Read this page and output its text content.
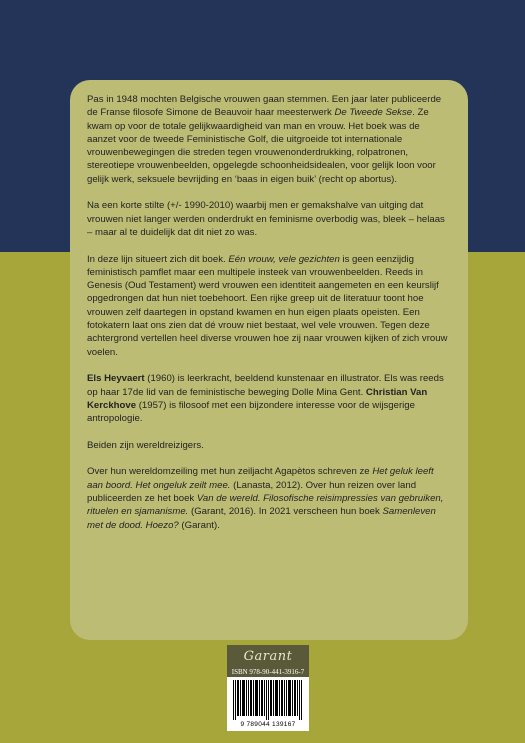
Pas in 1948 mochten Belgische vrouwen gaan stemmen. Een jaar later publiceerde de Franse filosofe Simone de Beauvoir haar meesterwerk De Tweede Sekse. Ze kwam op voor de totale gelijkwaardigheid van man en vrouw. Het boek was de aanzet voor de tweede Feministische Golf, die uitgroeide tot internationale vrouwenbewegingen die streden tegen vrouwenonderdrukking, rolpatronen, stereotiepe vrouwenbeelden, opgelegde schoonheidsidealen, voor gelijk loon voor gelijk werk, seksuele bevrijding en ‘baas in eigen buik’ (recht op abortus).

Na een korte stilte (+/- 1990-2010) waarbij men er gemakshalve van uitging dat vrouwen niet langer werden onderdrukt en feminisme overbodig was, bleek – helaas – maar al te duidelijk dat dit niet zo was.

In deze lijn situeert zich dit boek. Eén vrouw, vele gezichten is geen eenzijdig feministisch pamflet maar een multipele insteek van vrouwenbeelden. Reeds in Genesis (Oud Testament) werd vrouwen een identiteit aangemeten en een keurslijf opgedrongen dat hun niet toebehoort. Een rijke greep uit de literatuur toont hoe vrouwen zelf daartegen in opstand kwamen en hun eigen plaats opeisten. Een fotokatern laat ons zien dat dé vrouw niet bestaat, wel vele vrouwen. Tegen deze achtergrond vertellen heel diverse vrouwen hoe zij naar vrouwen kijken of zich vrouw voelen.

Els Heyvaert (1960) is leerkracht, beeldend kunstenaar en illustrator. Els was reeds op haar 17de lid van de feministische beweging Dolle Mina Gent. Christian Van Kerckhove (1957) is filosoof met een bijzondere interesse voor de wijsgerige antropologie.

Beiden zijn wereldreizigers.

Over hun wereldomzeiling met hun zeiljacht Agapètos schreven ze Het geluk leeft aan boord. Het ongeluk zeilt mee. (Lanasta, 2012). Over hun reizen over land publiceerden ze het boek Van de wereld. Filosofische reisimpressies van gebruiken, rituelen en sjamanisme. (Garant, 2016). In 2021 verscheen hun boek Samenleven met de dood. Hoezo? (Garant).

Garant
ISBN 978-90-441-3916-7
9 789044 139167
